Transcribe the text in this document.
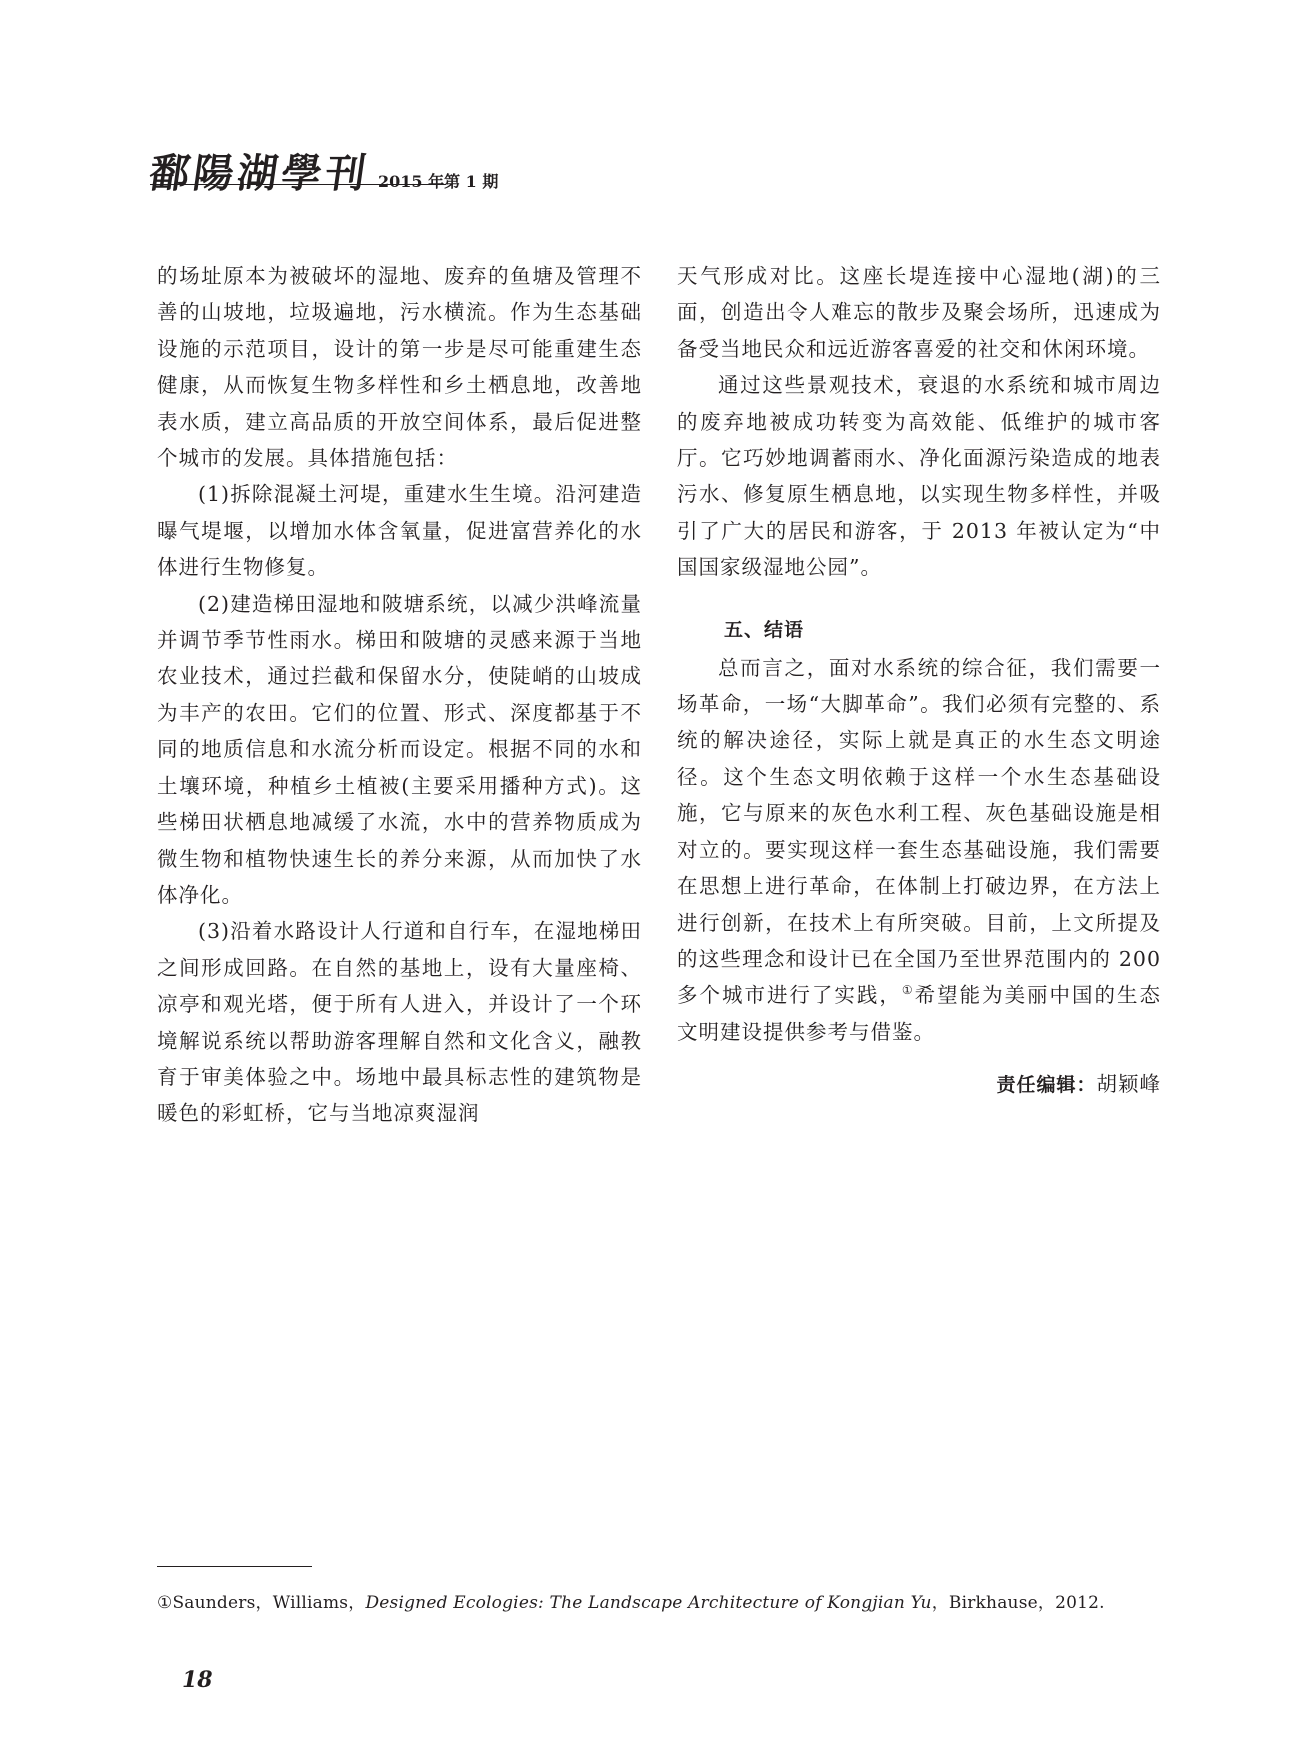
鄱陽湖學刊 2015 年第 1 期

的场址原本为被破坏的湿地、废弃的鱼塘及管理不善的山坡地，垃圾遍地，污水横流。作为生态基础设施的示范项目，设计的第一步是尽可能重建生态健康，从而恢复生物多样性和乡土栖息地，改善地表水质，建立高品质的开放空间体系，最后促进整个城市的发展。具体措施包括：

(1)拆除混凝土河堤，重建水生生境。沿河建造曝气堤堰，以增加水体含氧量，促进富营养化的水体进行生物修复。

(2)建造梯田湿地和陂塘系统，以减少洪峰流量并调节季节性雨水。梯田和陂塘的灵感来源于当地农业技术，通过拦截和保留水分，使陡峭的山坡成为丰产的农田。它们的位置、形式、深度都基于不同的地质信息和水流分析而设定。根据不同的水和土壤环境，种植乡土植被(主要采用播种方式)。这些梯田状栖息地减缓了水流，水中的营养物质成为微生物和植物快速生长的养分来源，从而加快了水体净化。

(3)沿着水路设计人行道和自行车，在湿地梯田之间形成回路。在自然的基地上，设有大量座椅、凉亭和观光塔，便于所有人进入，并设计了一个环境解说系统以帮助游客理解自然和文化含义，融教育于审美体验之中。场地中最具标志性的建筑物是暖色的彩虹桥，它与当地凉爽湿润

天气形成对比。这座长堤连接中心湿地(湖)的三面，创造出令人难忘的散步及聚会场所，迅速成为备受当地民众和远近游客喜爱的社交和休闲环境。

通过这些景观技术，衰退的水系统和城市周边的废弃地被成功转变为高效能、低维护的城市客厅。它巧妙地调蓄雨水、净化面源污染造成的地表污水、修复原生栖息地，以实现生物多样性，并吸引了广大的居民和游客，于 2013 年被认定为“中国国家级湿地公园”。

五、结语

总而言之，面对水系统的综合征，我们需要一场革命，一场“大脚革命”。我们必须有完整的、系统的解决途径，实际上就是真正的水生态文明途径。这个生态文明依赖于这样一个水生态基础设施，它与原来的灰色水利工程、灰色基础设施是相对立的。要实现这样一套生态基础设施，我们需要在思想上进行革命，在体制上打破边界，在方法上进行创新，在技术上有所突破。目前，上文所提及的这些理念和设计已在全国乃至世界范围内的 200 多个城市进行了实践，①希望能为美丽中国的生态文明建设提供参考与借鉴。

责任编辑：胡颖峰

①Saunders，Williams，Designed Ecologies: The Landscape Architecture of Kongjian Yu，Birkhause，2012.
18
